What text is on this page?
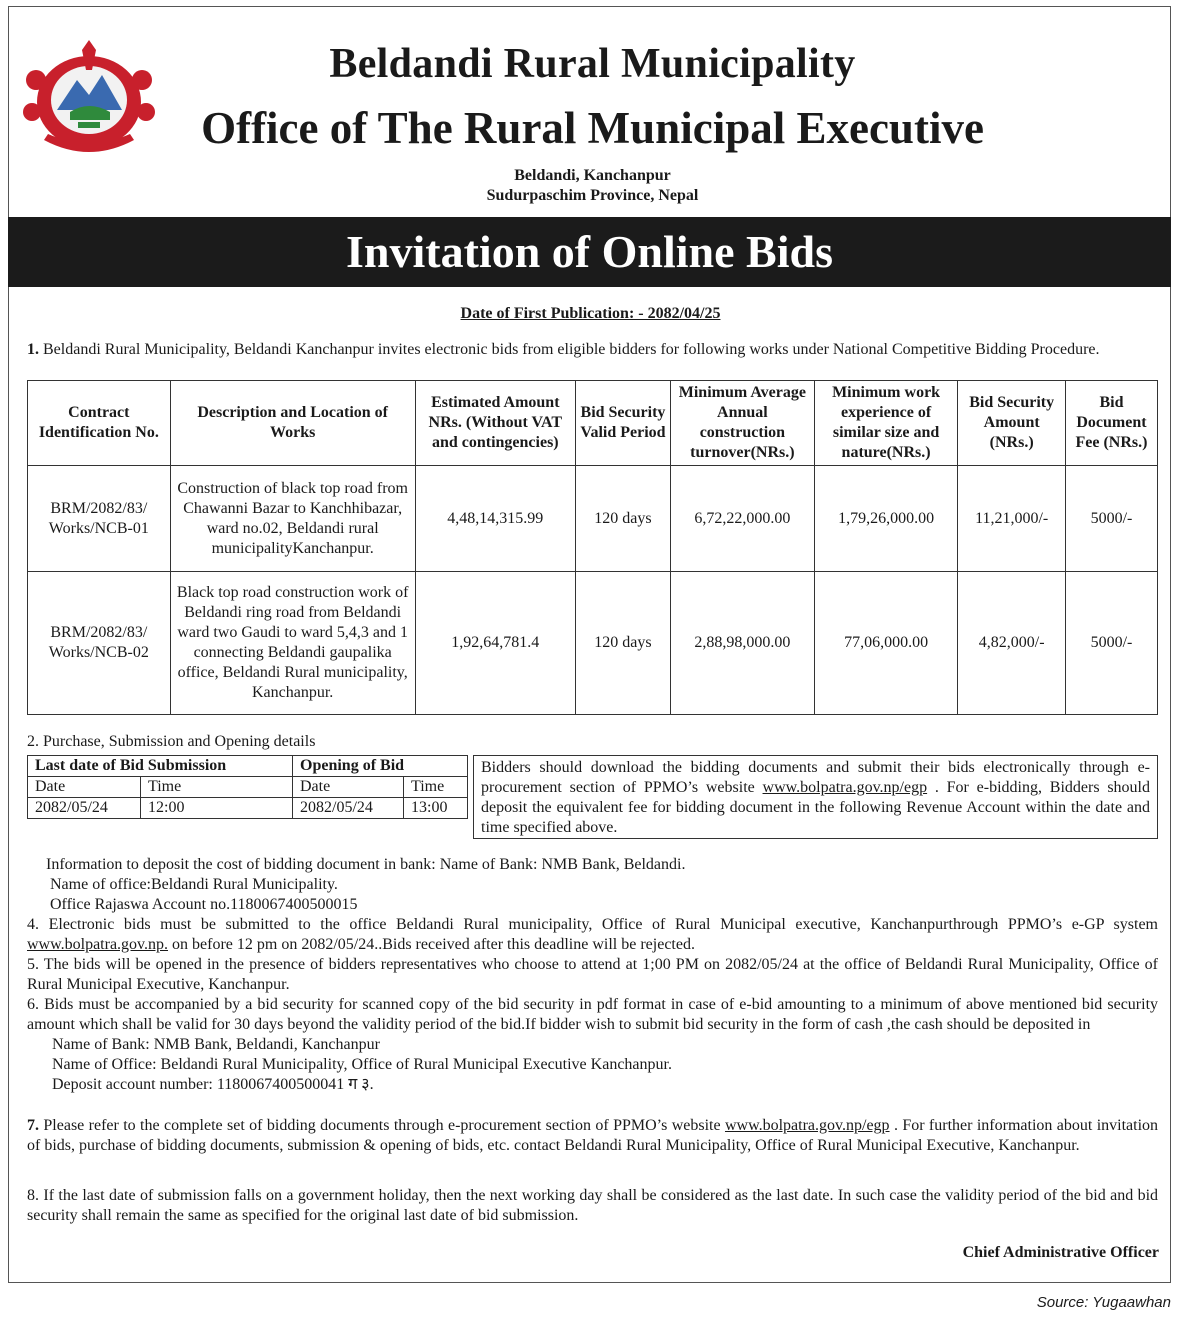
Beldandi Rural Municipality
Office of The Rural Municipal Executive
Beldandi, Kanchanpur
Sudurpaschim Province, Nepal
Invitation of Online Bids
Date of First Publication: - 2082/04/25
1. Beldandi Rural Municipality, Beldandi Kanchanpur invites electronic bids from eligible bidders for following works under National Competitive Bidding Procedure.
Contract Identification No.	Description and Location of Works	Estimated Amount NRs. (Without VAT and contingencies)	Bid Security Valid Period	Minimum Average Annual construction turnover(NRs.)	Minimum work experience of similar size and nature(NRs.)	Bid Security Amount (NRs.)	Bid Document Fee (NRs.)
BRM/2082/83/ Works/NCB-01	Construction of black top road from Chawanni Bazar to Kanchhibazar, ward no.02, Beldandi rural municipalityKanchanpur.	4,48,14,315.99	120 days	6,72,22,000.00	1,79,26,000.00	11,21,000/-	5000/-
BRM/2082/83/ Works/NCB-02	Black top road construction work of Beldandi ring road from Beldandi ward two Gaudi to ward 5,4,3 and 1 connecting Beldandi gaupalika office, Beldandi Rural municipality, Kanchanpur.	1,92,64,781.4	120 days	2,88,98,000.00	77,06,000.00	4,82,000/-	5000/-
2. Purchase, Submission and Opening details
Last date of Bid Submission		Opening of Bid	
Date	Time	Date	Time
2082/05/24	12:00	2082/05/24	13:00
Bidders should download the bidding documents and submit their bids electronically through e-procurement section of PPMO’s website www.bolpatra.gov.np/egp . For e-bidding, Bidders should deposit the equivalent fee for bidding document in the following Revenue Account within the date and time specified above.
Information to deposit the cost of bidding document in bank: Name of Bank: NMB Bank, Beldandi.
Name of office:Beldandi Rural Municipality.
Office Rajaswa Account no.1180067400500015
4. Electronic bids must be submitted to the office Beldandi Rural municipality, Office of Rural Municipal executive, Kanchanpurthrough PPMO’s e-GP system www.bolpatra.gov.np. on before 12 pm on 2082/05/24..Bids received after this deadline will be rejected.
5. The bids will be opened in the presence of bidders representatives who choose to attend at 1;00 PM on 2082/05/24 at the office of Beldandi Rural Municipality, Office of Rural Municipal Executive, Kanchanpur.
6. Bids must be accompanied by a bid security for scanned copy of the bid security in pdf format in case of e-bid amounting to a minimum of above mentioned bid security amount which shall be valid for 30 days beyond the validity period of the bid.If bidder wish to submit bid security in the form of cash ,the cash should be deposited in
Name of Bank: NMB Bank, Beldandi, Kanchanpur
Name of Office: Beldandi Rural Municipality, Office of Rural Municipal Executive Kanchanpur.
Deposit account number: 1180067400500041 ग ३.
7. Please refer to the complete set of bidding documents through e-procurement section of PPMO’s website www.bolpatra.gov.np/egp . For further information about invitation of bids, purchase of bidding documents, submission & opening of bids, etc. contact Beldandi Rural Municipality, Office of Rural Municipal Executive, Kanchanpur.
8. If the last date of submission falls on a government holiday, then the next working day shall be considered as the last date. In such case the validity period of the bid and bid security shall remain the same as specified for the original last date of bid submission.
Chief Administrative Officer
Source: Yugaawhan
